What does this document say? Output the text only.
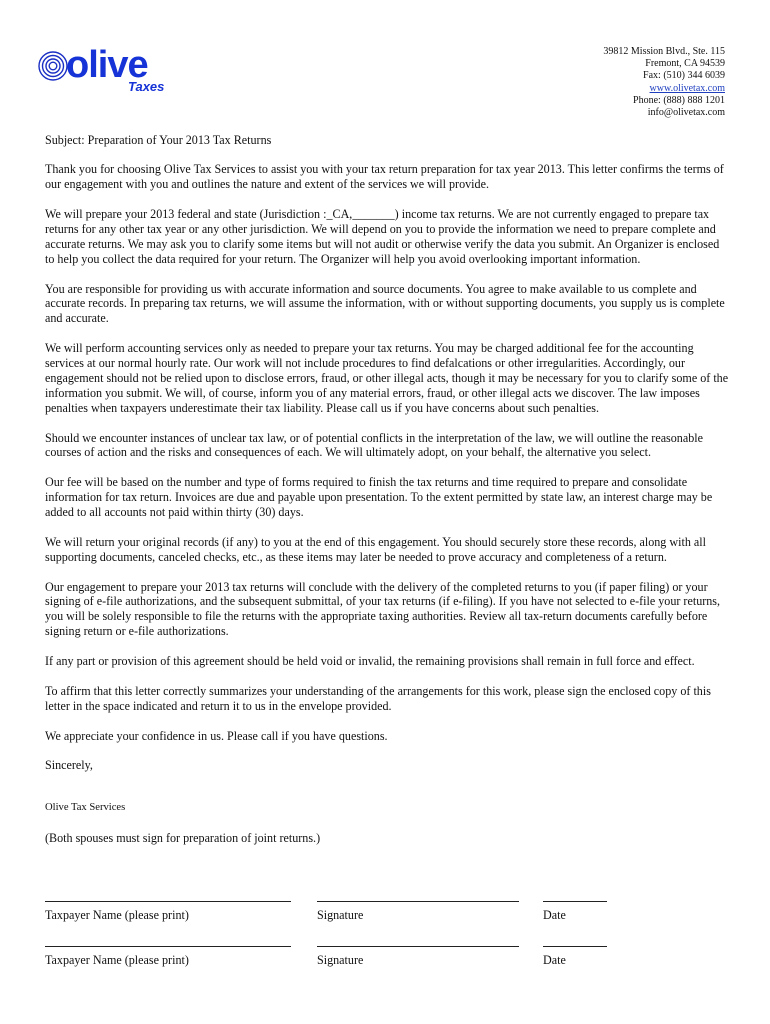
olive
Taxes
39812 Mission Blvd., Ste. 115
Fremont, CA 94539
Fax: (510) 344 6039
www.olivetax.com
Phone: (888) 888 1201
info@olivetax.com

Subject: Preparation of Your 2013 Tax Returns

Thank you for choosing Olive Tax Services to assist you with your tax return preparation for tax year 2013. This letter confirms the terms of our engagement with you and outlines the nature and extent of the services we will provide.

We will prepare your 2013 federal and state (Jurisdiction :_CA,_______) income tax returns. We are not currently engaged to prepare tax returns for any other tax year or any other jurisdiction. We will depend on you to provide the information we need to prepare complete and accurate returns. We may ask you to clarify some items but will not audit or otherwise verify the data you submit. An Organizer is enclosed to help you collect the data required for your return. The Organizer will help you avoid overlooking important information.

You are responsible for providing us with accurate information and source documents. You agree to make available to us complete and accurate records. In preparing tax returns, we will assume the information, with or without supporting documents, you supply us is complete and accurate.

We will perform accounting services only as needed to prepare your tax returns. You may be charged additional fee for the accounting services at our normal hourly rate. Our work will not include procedures to find defalcations or other irregularities. Accordingly, our engagement should not be relied upon to disclose errors, fraud, or other illegal acts, though it may be necessary for you to clarify some of the information you submit. We will, of course, inform you of any material errors, fraud, or other illegal acts we discover. The law imposes penalties when taxpayers underestimate their tax liability. Please call us if you have concerns about such penalties.

Should we encounter instances of unclear tax law, or of potential conflicts in the interpretation of the law, we will outline the reasonable courses of action and the risks and consequences of each. We will ultimately adopt, on your behalf, the alternative you select.

Our fee will be based on the number and type of forms required to finish the tax returns and time required to prepare and consolidate information for tax return. Invoices are due and payable upon presentation. To the extent permitted by state law, an interest charge may be added to all accounts not paid within thirty (30) days.

We will return your original records (if any) to you at the end of this engagement. You should securely store these records, along with all supporting documents, canceled checks, etc., as these items may later be needed to prove accuracy and completeness of a return.

Our engagement to prepare your 2013 tax returns will conclude with the delivery of the completed returns to you (if paper filing) or your signing of e-file authorizations, and the subsequent submittal, of your tax returns (if e-filing). If you have not selected to e-file your returns, you will be solely responsible to file the returns with the appropriate taxing authorities. Review all tax-return documents carefully before signing return or e-file authorizations.

If any part or provision of this agreement should be held void or invalid, the remaining provisions shall remain in full force and effect.

To affirm that this letter correctly summarizes your understanding of the arrangements for this work, please sign the enclosed copy of this letter in the space indicated and return it to us in the envelope provided.

We appreciate your confidence in us. Please call if you have questions.

Sincerely,

Olive Tax Services

(Both spouses must sign for preparation of joint returns.)

Taxpayer Name (please print)	Signature	Date
Taxpayer Name (please print)	Signature	Date
